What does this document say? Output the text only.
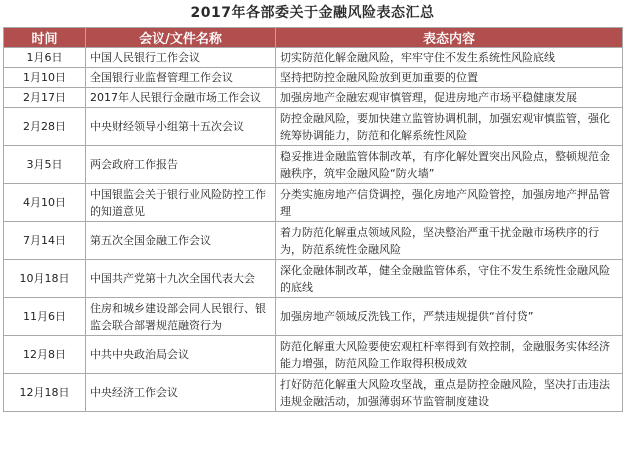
2017年各部委关于金融风险表态汇总
时间	会议/文件名称	表态内容
1月6日	中国人民银行工作会议	切实防范化解金融风险，牢牢守住不发生系统性风险底线
1月10日	全国银行业监督管理工作会议	坚持把防控金融风险放到更加重要的位置
2月17日	2017年人民银行金融市场工作会议	加强房地产金融宏观审慎管理，促进房地产市场平稳健康发展
2月28日	中央财经领导小组第十五次会议	防控金融风险，要加快建立监管协调机制，加强宏观审慎监管，强化统筹协调能力，防范和化解系统性风险
3月5日	两会政府工作报告	稳妥推进金融监管体制改革，有序化解处置突出风险点，整顿规范金融秩序，筑牢金融风险“防火墙”
4月10日	中国银监会关于银行业风险防控工作的知道意见	分类实施房地产信贷调控，强化房地产风险管控，加强房地产押品管理
7月14日	第五次全国金融工作会议	着力防范化解重点领域风险，坚决整治严重干扰金融市场秩序的行为，防范系统性金融风险
10月18日	中国共产党第十九次全国代表大会	深化金融体制改革，健全金融监管体系，守住不发生系统性金融风险的底线
11月6日	住房和城乡建设部会同人民银行、银监会联合部署规范融资行为	加强房地产领域反洗钱工作，严禁违规提供“首付贷”
12月8日	中共中央政治局会议	防范化解重大风险要使宏观杠杆率得到有效控制，金融服务实体经济能力增强，防范风险工作取得积极成效
12月18日	中央经济工作会议	打好防范化解重大风险攻坚战，重点是防控金融风险，坚决打击违法违规金融活动，加强薄弱环节监管制度建设
